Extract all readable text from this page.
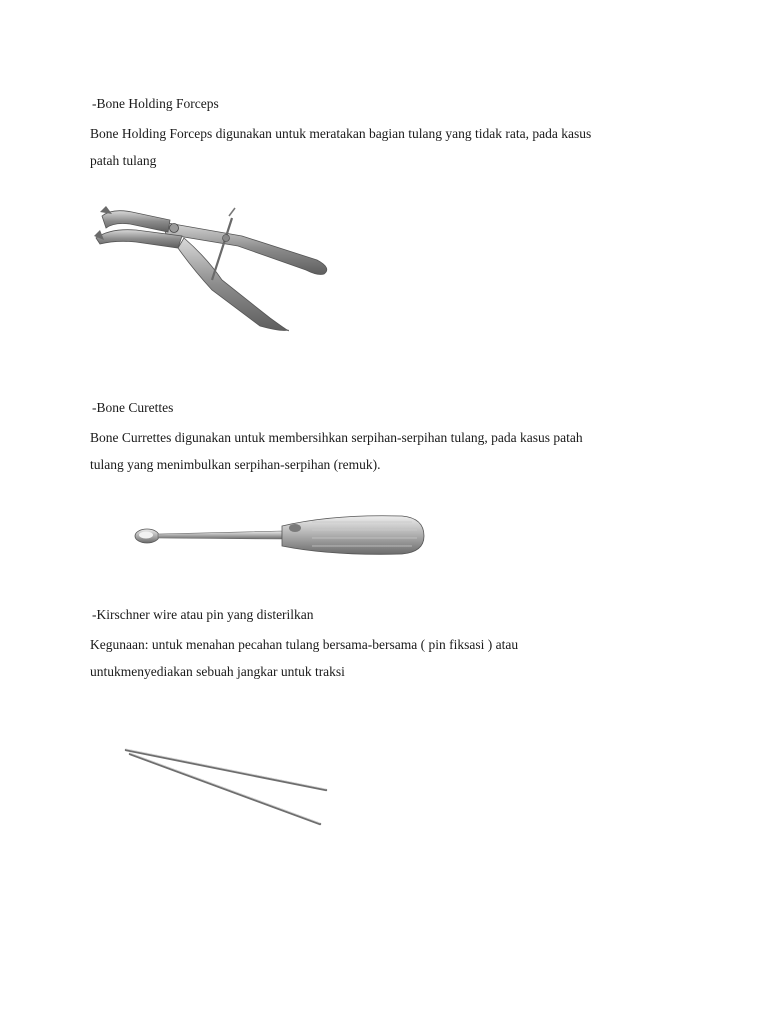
-Bone Holding Forceps

Bone Holding Forceps digunakan untuk meratakan bagian tulang yang tidak rata, pada kasus

patah tulang

-Bone Curettes

Bone Currettes digunakan untuk membersihkan serpihan-serpihan tulang, pada kasus patah

tulang yang menimbulkan serpihan-serpihan (remuk).

-Kirschner wire atau pin yang disterilkan

Kegunaan: untuk menahan pecahan tulang bersama-bersama ( pin fiksasi ) atau

untukmenyediakan sebuah jangkar untuk traksi
